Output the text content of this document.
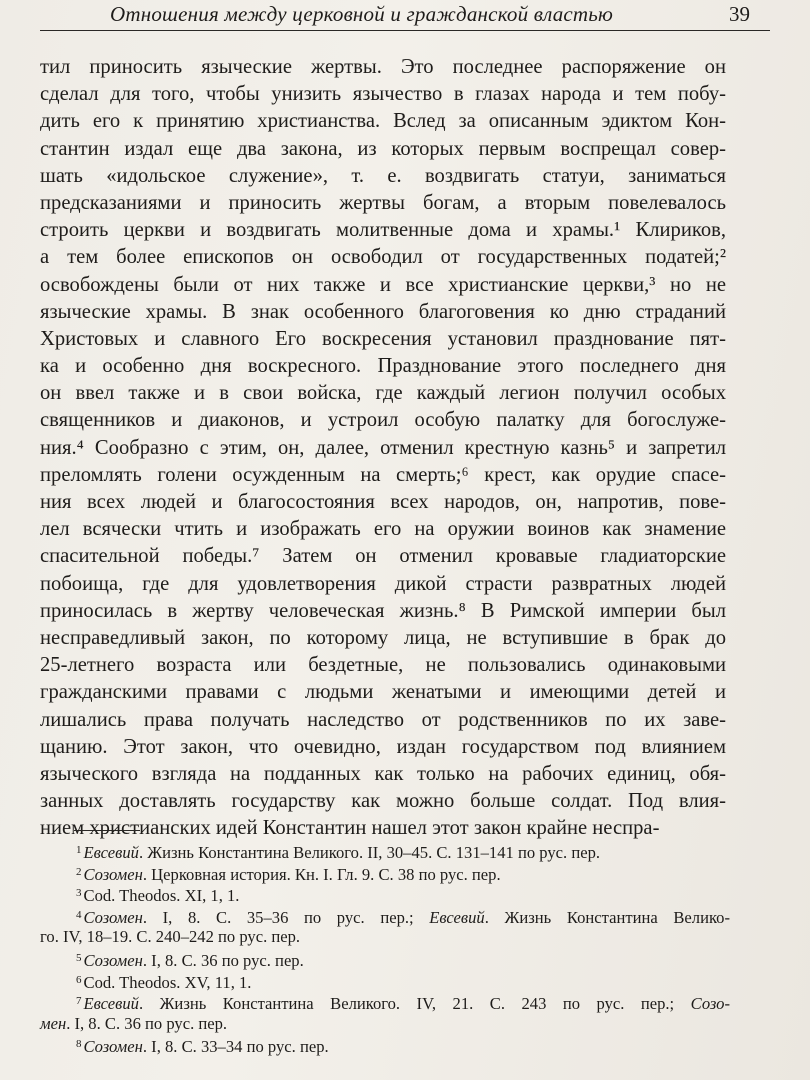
Отношения между церковной и гражданской властью	39
тил приносить языческие жертвы. Это последнее распоряжение он
сделал для того, чтобы унизить язычество в глазах народа и тем побу-
дить его к принятию христианства. Вслед за описанным эдиктом Кон-
стантин издал еще два закона, из которых первым воспрещал совер-
шать «идольское служение», т. е. воздвигать статуи, заниматься
предсказаниями и приносить жертвы богам, а вторым повелевалось
строить церкви и воздвигать молитвенные дома и храмы.¹ Клириков,
а тем более епископов он освободил от государственных податей;²
освобождены были от них также и все христианские церкви,³ но не
языческие храмы. В знак особенного благоговения ко дню страданий
Христовых и славного Его воскресения установил празднование пят-
ка и особенно дня воскресного. Празднование этого последнего дня
он ввел также и в свои войска, где каждый легион получил особых
священников и диаконов, и устроил особую палатку для богослуже-
ния.⁴ Сообразно с этим, он, далее, отменил крестную казнь⁵ и запретил
преломлять голени осужденным на смерть;⁶ крест, как орудие спасе-
ния всех людей и благосостояния всех народов, он, напротив, пове-
лел всячески чтить и изображать его на оружии воинов как знамение
спасительной победы.⁷ Затем он отменил кровавые гладиаторские
побоища, где для удовлетворения дикой страсти развратных людей
приносилась в жертву человеческая жизнь.⁸ В Римской империи был
несправедливый закон, по которому лица, не вступившие в брак до
25-летнего возраста или бездетные, не пользовались одинаковыми
гражданскими правами с людьми женатыми и имеющими детей и
лишались права получать наследство от родственников по их заве-
щанию. Этот закон, что очевидно, издан государством под влиянием
языческого взгляда на подданных как только на рабочих единиц, обя-
занных доставлять государству как можно больше солдат. Под влия-
нием христианских идей Константин нашел этот закон крайне неспра-
$^1$ Евсевий. Жизнь Константина Великого. II, 30–45. С. 131–141 по рус. пер.
$^2$ Созомен. Церковная история. Кн. I. Гл. 9. С. 38 по рус. пер.
$^3$ Cod. Theodos. XI, 1, 1.
$^4$ Созомен. I, 8. С. 35–36 по рус. пер.; Евсевий. Жизнь Константина Велико-
го. IV, 18–19. С. 240–242 по рус. пер.
$^5$ Созомен. I, 8. С. 36 по рус. пер.
$^6$ Cod. Theodos. XV, 11, 1.
$^7$ Евсевий. Жизнь Константина Великого. IV, 21. С. 243 по рус. пер.; Созо-
мен. I, 8. С. 36 по рус. пер.
$^8$ Созомен. I, 8. С. 33–34 по рус. пер.
